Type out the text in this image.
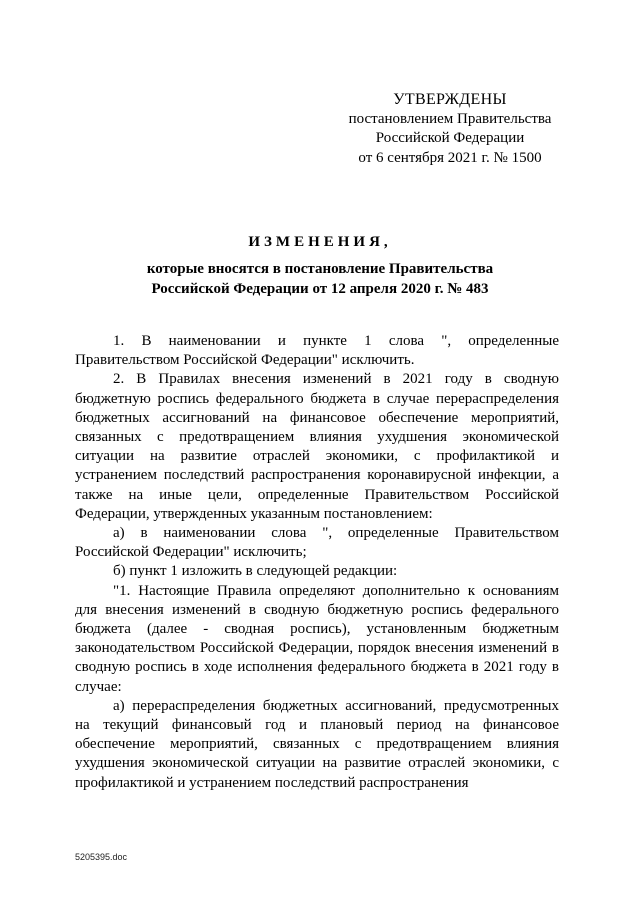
УТВЕРЖДЕНЫ
постановлением Правительства
Российской Федерации
от 6 сентября 2021 г. № 1500
ИЗМЕНЕНИЯ,
которые вносятся в постановление Правительства
Российской Федерации от 12 апреля 2020 г. № 483

1. В наименовании и пункте 1 слова ", определенные Правительством Российской Федерации" исключить.

2. В Правилах внесения изменений в 2021 году в сводную бюджетную роспись федерального бюджета в случае перераспределения бюджетных ассигнований на финансовое обеспечение мероприятий, связанных с предотвращением влияния ухудшения экономической ситуации на развитие отраслей экономики, с профилактикой и устранением последствий распространения коронавирусной инфекции, а также на иные цели, определенные Правительством Российской Федерации, утвержденных указанным постановлением:

а) в наименовании слова ", определенные Правительством Российской Федерации" исключить;

б) пункт 1 изложить в следующей редакции:

"1. Настоящие Правила определяют дополнительно к основаниям для внесения изменений в сводную бюджетную роспись федерального бюджета (далее - сводная роспись), установленным бюджетным законодательством Российской Федерации, порядок внесения изменений в сводную роспись в ходе исполнения федерального бюджета в 2021 году в случае:

а) перераспределения бюджетных ассигнований, предусмотренных на текущий финансовый год и плановый период на финансовое обеспечение мероприятий, связанных с предотвращением влияния ухудшения экономической ситуации на развитие отраслей экономики, с профилактикой и устранением последствий распространения

5205395.doc
